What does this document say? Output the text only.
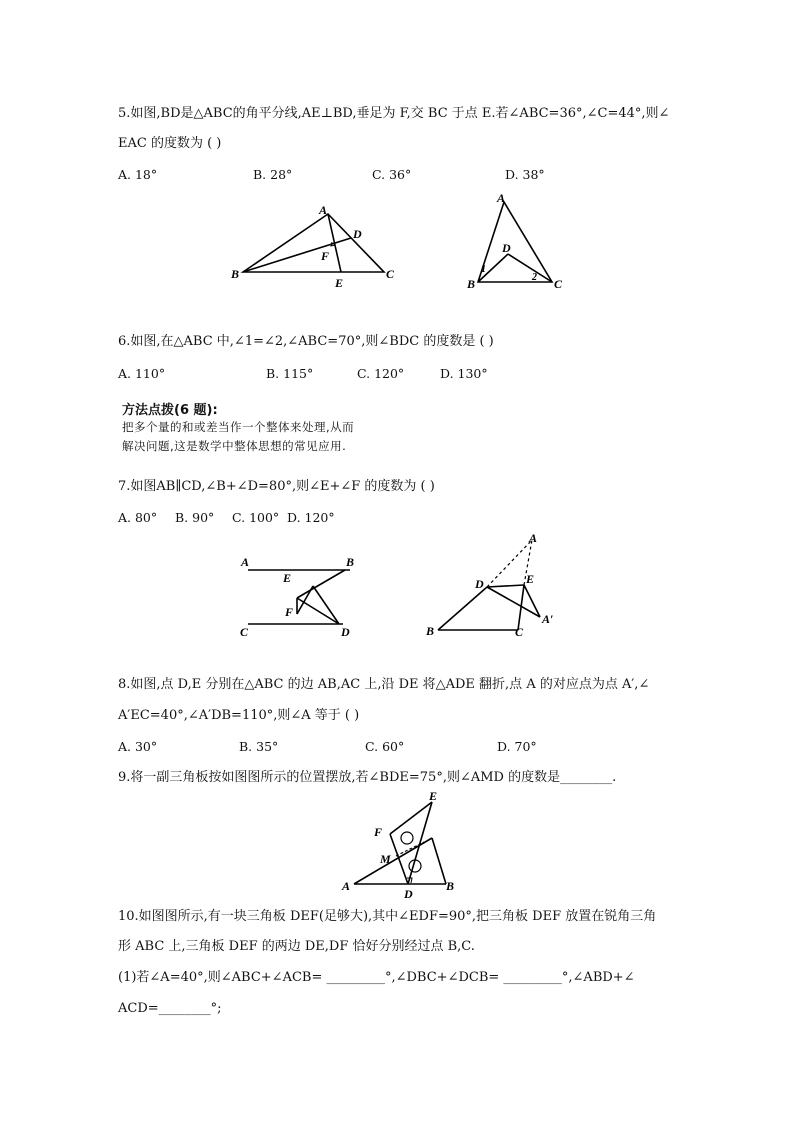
5.如图,BD是△ABC的角平分线,AE⊥BD,垂足为 F,交 BC 于点 E.若∠ABC=36°,∠C=44°,则∠
EAC 的度数为 ( )
A. 18°	B. 28°	C. 36°	D. 38°
A
D
F
B
E
C
A
D
1
2
B	C
6.如图,在△ABC 中,∠1=∠2,∠ABC=70°,则∠BDC 的度数是 ( )
A. 110°	B. 115°	C. 120°	D. 130°
方法点拨(6 题):
把多个量的和或差当作一个整体来处理,从而
解决问题,这是数学中整体思想的常见应用.
7.如图AB∥CD,∠B+∠D=80°,则∠E+∠F 的度数为 ( )
A. 80° B. 90° C. 100° D. 120°
A	B
E
F
C	D
A
D	E
B	C
A′
8.如图,点 D,E 分别在△ABC 的边 AB,AC 上,沿 DE 将△ADE 翻折,点 A 的对应点为点 A′,∠
A′EC=40°,∠A′DB=110°,则∠A 等于 ( )
A. 30°	B. 35°	C. 60°	D. 70°
9.将一副三角板按如图图所示的位置摆放,若∠BDE=75°,则∠AMD 的度数是________.
E
F
M
A
D
B
10.如图图所示,有一块三角板 DEF(足够大),其中∠EDF=90°,把三角板 DEF 放置在锐角三角
形 ABC 上,三角板 DEF 的两边 DE,DF 恰好分别经过点 B,C.
(1)若∠A=40°,则∠ABC+∠ACB= _________°,∠DBC+∠DCB= _________°,∠ABD+∠
ACD=________°;
